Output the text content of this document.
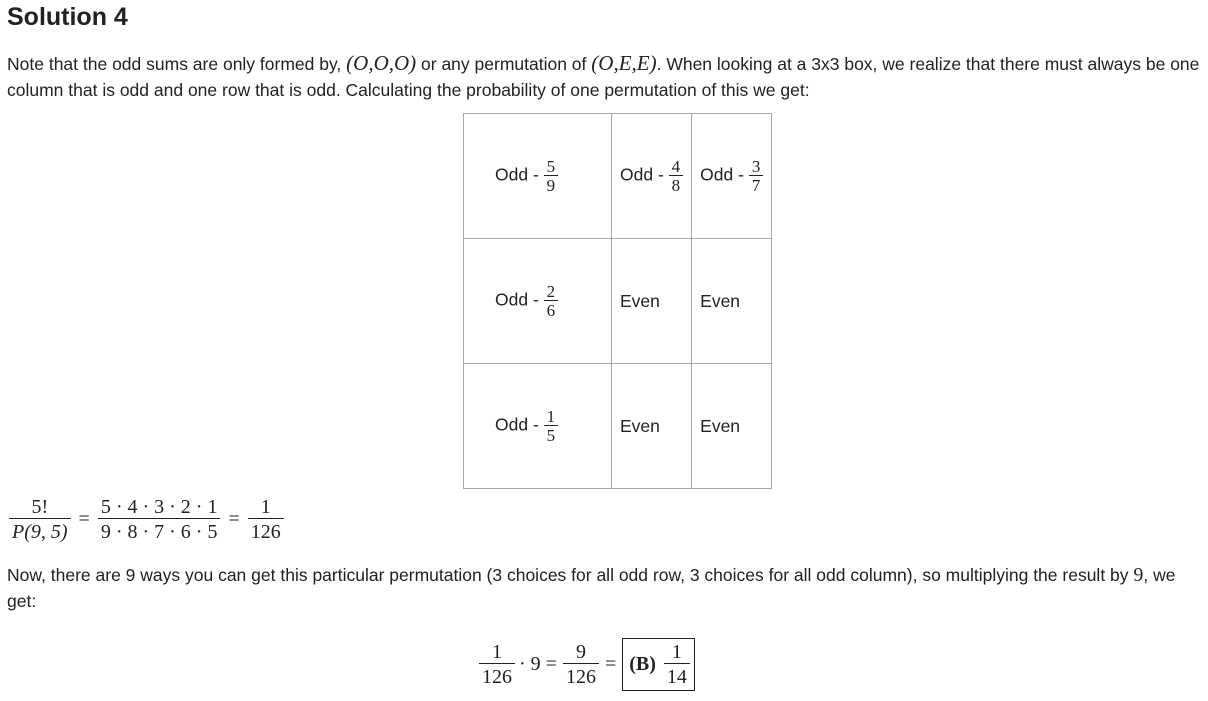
Solution 4

Note that the odd sums are only formed by, (O,O,O) or any permutation of (O,E,E). When looking at a 3x3 box, we realize that there must always be one column that is odd and one row that is odd. Calculating the probability of one permutation of this we get:

Odd - $\frac{5}{9}$	Odd - $\frac{4}{8}$	Odd - $\frac{3}{7}$

Odd - $\frac{2}{6}$	Even	Even
Odd - $\frac{1}{5}$	Even	Even
$\frac{5!}{P(9, 5)} = \frac{5 \cdot 4 \cdot 3 \cdot 2 \cdot 1}{9 \cdot 8 \cdot 7 \cdot 6 \cdot 5} = \frac{1}{126}$

Now, there are 9 ways you can get this particular permutation (3 choices for all odd row, 3 choices for all odd column), so multiplying the result by 9, we get:

$\frac{1}{126} \cdot 9 = \frac{9}{126} = (B) \frac{1}{14}$
